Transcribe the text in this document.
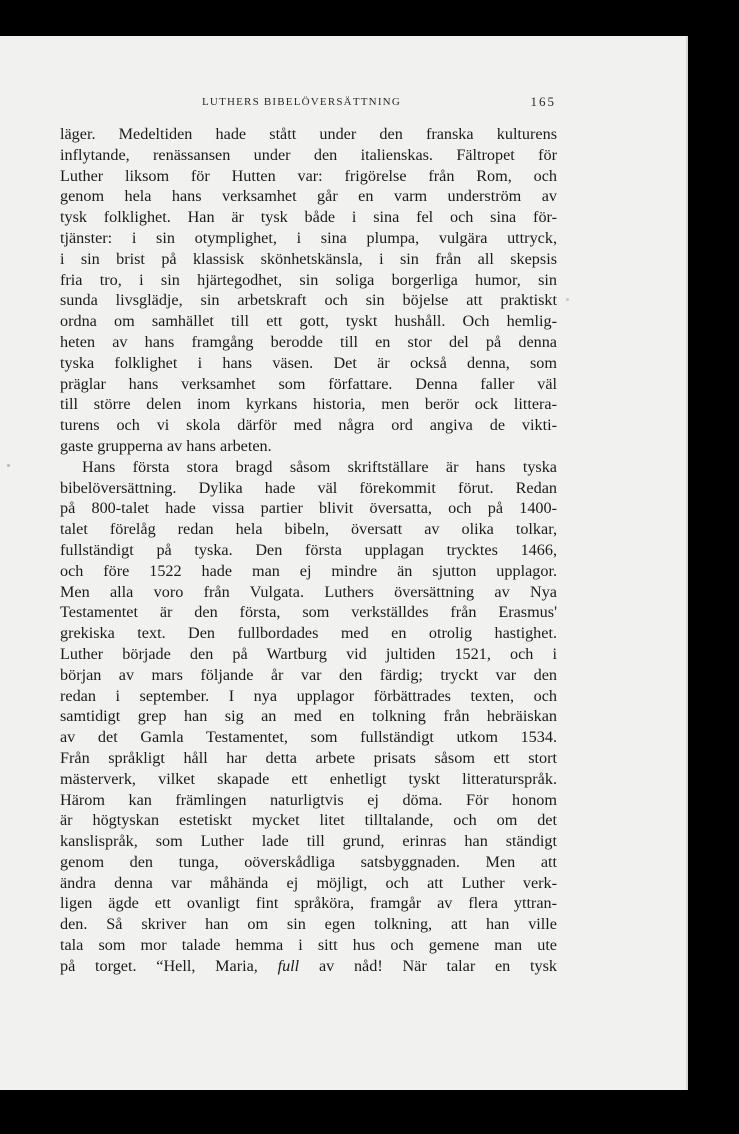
LUTHERS BIBELÖVERSÄTTNING	165
läger. Medeltiden hade stått under den franska kulturens
inflytande, renässansen under den italienskas. Fältropet för
Luther liksom för Hutten var: frigörelse från Rom, och
genom hela hans verksamhet går en varm underström av
tysk folklighet. Han är tysk både i sina fel och sina för-
tjänster: i sin otymplighet, i sina plumpa, vulgära uttryck,
i sin brist på klassisk skönhetskänsla, i sin från all skepsis
fria tro, i sin hjärtegodhet, sin soliga borgerliga humor, sin
sunda livsglädje, sin arbetskraft och sin böjelse att praktiskt
ordna om samhället till ett gott, tyskt hushåll. Och hemlig-
heten av hans framgång berodde till en stor del på denna
tyska folklighet i hans väsen. Det är också denna, som
präglar hans verksamhet som författare. Denna faller väl
till större delen inom kyrkans historia, men berör ock littera-
turens och vi skola därför med några ord angiva de vikti-
gaste grupperna av hans arbeten.
Hans första stora bragd såsom skriftställare är hans tyska
bibelöversättning. Dylika hade väl förekommit förut. Redan
på 800-talet hade vissa partier blivit översatta, och på 1400-
talet förelåg redan hela bibeln, översatt av olika tolkar,
fullständigt på tyska. Den första upplagan trycktes 1466,
och före 1522 hade man ej mindre än sjutton upplagor.
Men alla voro från Vulgata. Luthers översättning av Nya
Testamentet är den första, som verkställdes från Erasmus'
grekiska text. Den fullbordades med en otrolig hastighet.
Luther började den på Wartburg vid jultiden 1521, och i
början av mars följande år var den färdig; tryckt var den
redan i september. I nya upplagor förbättrades texten, och
samtidigt grep han sig an med en tolkning från hebräiskan
av det Gamla Testamentet, som fullständigt utkom 1534.
Från språkligt håll har detta arbete prisats såsom ett stort
mästerverk, vilket skapade ett enhetligt tyskt litteraturspråk.
Härom kan främlingen naturligtvis ej döma. För honom
är högtyskan estetiskt mycket litet tilltalande, och om det
kanslispråk, som Luther lade till grund, erinras han ständigt
genom den tunga, oöverskådliga satsbyggnaden. Men att
ändra denna var måhända ej möjligt, och att Luther verk-
ligen ägde ett ovanligt fint språköra, framgår av flera yttran-
den. Så skriver han om sin egen tolkning, att han ville
tala som mor talade hemma i sitt hus och gemene man ute
på torget. “Hell, Maria, full av nåd! När talar en tysk
